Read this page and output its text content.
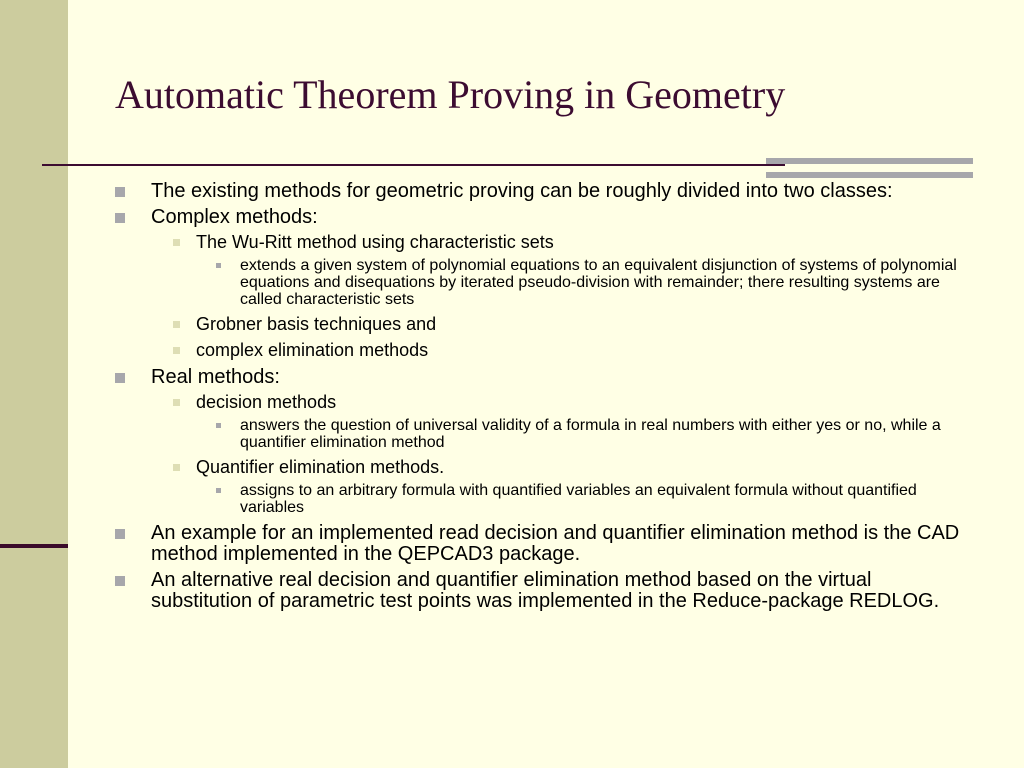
Automatic Theorem Proving in Geometry
The existing methods for geometric proving can be roughly divided into two classes:
Complex methods:
The Wu-Ritt method using characteristic sets
extends a given system of polynomial equations to an equivalent disjunction of systems of polynomial equations and disequations by iterated pseudo-division with remainder; there resulting systems are called characteristic sets
Grobner basis techniques and
complex elimination methods
Real methods:
decision methods
answers the question of universal validity of a formula in real numbers with either yes or no, while a quantifier elimination method
Quantifier elimination methods.
assigns to an arbitrary formula with quantified variables an equivalent formula without quantified variables
An example for an implemented read decision and quantifier elimination method is the CAD method implemented in the QEPCAD3 package.
An alternative real decision and quantifier elimination method based on the virtual substitution of parametric test points was implemented in the Reduce-package REDLOG.
